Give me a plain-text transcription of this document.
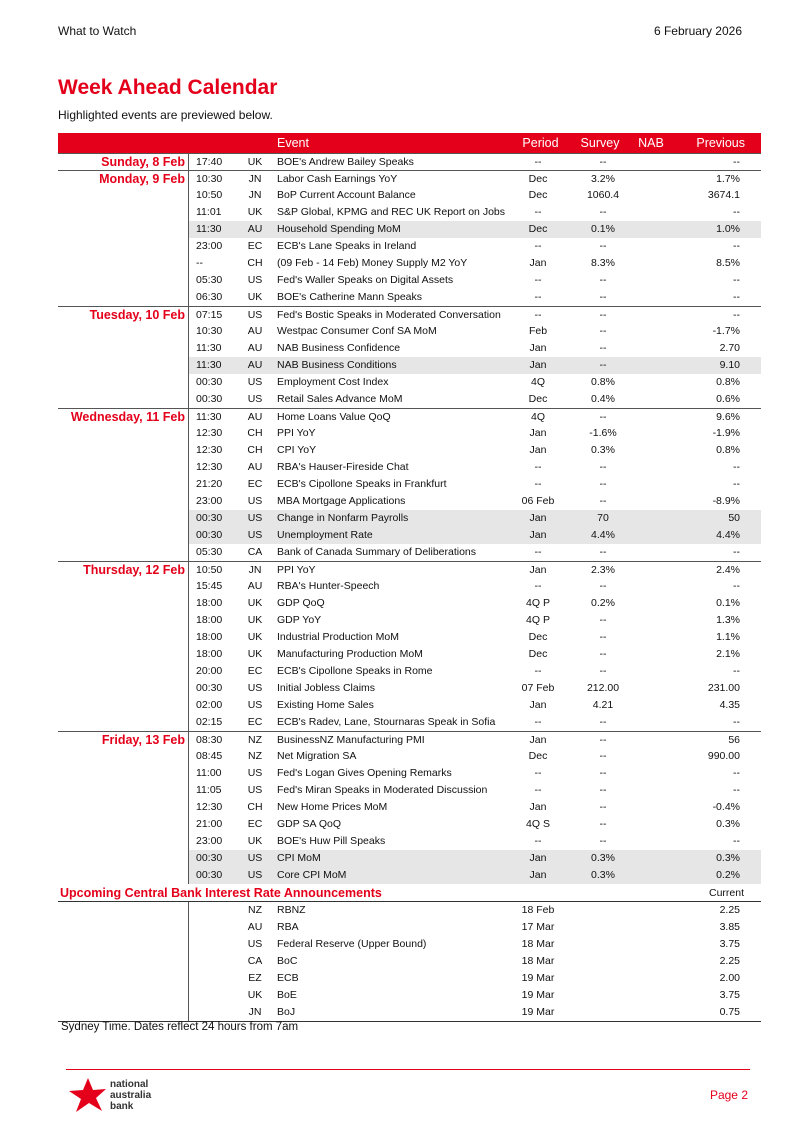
What to Watch	6 February 2026
Week Ahead Calendar
Highlighted events are previewed below.
Event	Period	Survey	NAB	Previous
Sunday, 8 Feb 17:40	UK	BOE's Andrew Bailey Speaks	--	--	--
Monday, 9 Feb 10:30	JN	Labor Cash Earnings YoY	Dec	3.2%	1.7%
10:50	JN	BoP Current Account Balance	Dec	1060.4	3674.1
11:01	UK	S&P Global, KPMG and REC UK Report on Jobs	--	--	--
11:30	AU	Household Spending MoM	Dec	0.1%	1.0%
23:00	EC	ECB's Lane Speaks in Ireland	--	--	--
--	CH	(09 Feb - 14 Feb) Money Supply M2 YoY	Jan	8.3%	8.5%
05:30	US	Fed's Waller Speaks on Digital Assets	--	--	--
06:30	UK	BOE's Catherine Mann Speaks	--	--	--
Tuesday, 10 Feb 07:15	US	Fed's Bostic Speaks in Moderated Conversation	--	--	--
10:30	AU	Westpac Consumer Conf SA MoM	Feb	--	-1.7%
11:30	AU	NAB Business Confidence	Jan	--	2.70
11:30	AU	NAB Business Conditions	Jan	--	9.10
00:30	US	Employment Cost Index	4Q	0.8%	0.8%
00:30	US	Retail Sales Advance MoM	Dec	0.4%	0.6%
Wednesday, 11 Feb 11:30	AU	Home Loans Value QoQ	4Q	--	9.6%
12:30	CH	PPI YoY	Jan	-1.6%	-1.9%
12:30	CH	CPI YoY	Jan	0.3%	0.8%
12:30	AU	RBA's Hauser-Fireside Chat	--	--	--
21:20	EC	ECB's Cipollone Speaks in Frankfurt	--	--	--
23:00	US	MBA Mortgage Applications	06 Feb	--	-8.9%
00:30	US	Change in Nonfarm Payrolls	Jan	70	50
00:30	US	Unemployment Rate	Jan	4.4%	4.4%
05:30	CA	Bank of Canada Summary of Deliberations	--	--	--
Thursday, 12 Feb 10:50	JN	PPI YoY	Jan	2.3%	2.4%
15:45	AU	RBA's Hunter-Speech	--	--	--
18:00	UK	GDP QoQ	4Q P	0.2%	0.1%
18:00	UK	GDP YoY	4Q P	--	1.3%
18:00	UK	Industrial Production MoM	Dec	--	1.1%
18:00	UK	Manufacturing Production MoM	Dec	--	2.1%
20:00	EC	ECB's Cipollone Speaks in Rome	--	--	--
00:30	US	Initial Jobless Claims	07 Feb	212.00	231.00
02:00	US	Existing Home Sales	Jan	4.21	4.35
02:15	EC	ECB's Radev, Lane, Stournaras Speak in Sofia	--	--	--
Friday, 13 Feb 08:30	NZ	BusinessNZ Manufacturing PMI	Jan	--	56
08:45	NZ	Net Migration SA	Dec	--	990.00
11:00	US	Fed's Logan Gives Opening Remarks	--	--	--
11:05	US	Fed's Miran Speaks in Moderated Discussion	--	--	--
12:30	CH	New Home Prices MoM	Jan	--	-0.4%
21:00	EC	GDP SA QoQ	4Q S	--	0.3%
23:00	UK	BOE's Huw Pill Speaks	--	--	--
00:30	US	CPI MoM	Jan	0.3%	0.3%
00:30	US	Core CPI MoM	Jan	0.3%	0.2%
Upcoming Central Bank Interest Rate Announcements	Current
NZ	RBNZ	18 Feb	2.25
AU	RBA	17 Mar	3.85
US	Federal Reserve (Upper Bound)	18 Mar	3.75
CA	BoC	18 Mar	2.25
EZ	ECB	19 Mar	2.00
UK	BoE	19 Mar	3.75
JN	BoJ	19 Mar	0.75
Sydney Time. Dates reflect 24 hours from 7am
national
australia
bank
Page 2
